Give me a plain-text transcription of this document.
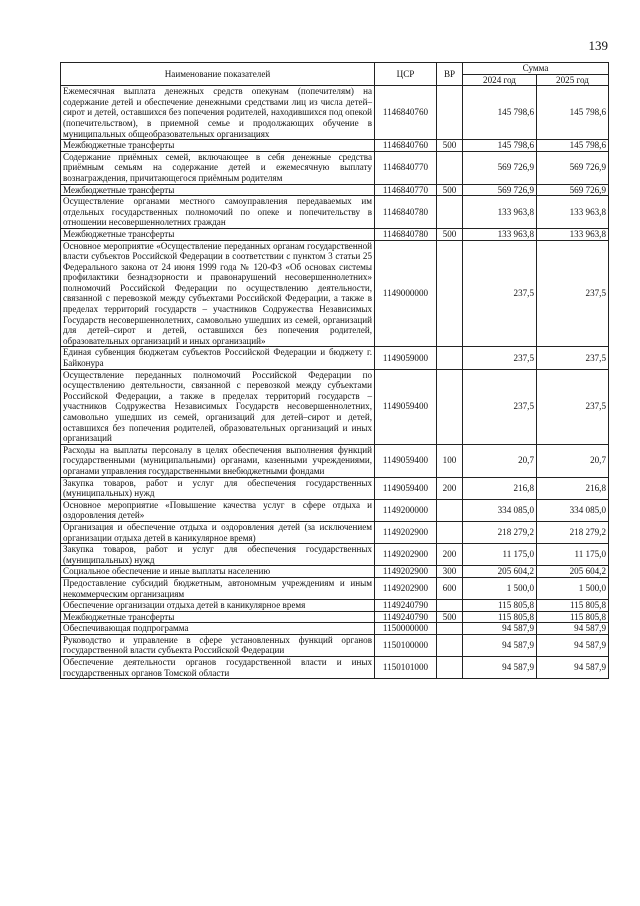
139
Наименование показателей	ЦСР	ВР	Сумма	
			2024 год	2025 год
Ежемесячная выплата денежных средств опекунам (попечителям) на содержание детей и обеспечение денежными средствами лиц из числа детей–сирот и детей, оставшихся без попечения родителей, находившихся под опекой (попечительством), в приемной семье и продолжающих обучение в муниципальных общеобразовательных организациях	1146840760		145 798,6	145 798,6
Межбюджетные трансферты	1146840760	500	145 798,6	145 798,6
Содержание приёмных семей, включающее в себя денежные средства приёмным семьям на содержание детей и ежемесячную выплату вознаграждения, причитающегося приёмным родителям	1146840770		569 726,9	569 726,9
Межбюджетные трансферты	1146840770	500	569 726,9	569 726,9
Осуществление органами местного самоуправления передаваемых им отдельных государственных полномочий по опеке и попечительству в отношении несовершеннолетних граждан	1146840780		133 963,8	133 963,8
Межбюджетные трансферты	1146840780	500	133 963,8	133 963,8
Основное мероприятие «Осуществление переданных органам государственной власти субъектов Российской Федерации в соответствии с пунктом 3 статьи 25 Федерального закона от 24 июня 1999 года № 120-ФЗ «Об основах системы профилактики безнадзорности и правонарушений несовершеннолетних» полномочий Российской Федерации по осуществлению деятельности, связанной с перевозкой между субъектами Российской Федерации, а также в пределах территорий государств – участников Содружества Независимых Государств несовершеннолетних, самовольно ушедших из семей, организаций для детей–сирот и детей, оставшихся без попечения родителей, образовательных организаций и иных организаций»	1149000000		237,5	237,5
Единая субвенция бюджетам субъектов Российской Федерации и бюджету г. Байконура	1149059000		237,5	237,5
Осуществление переданных полномочий Российской Федерации по осуществлению деятельности, связанной с перевозкой между субъектами Российской Федерации, а также в пределах территорий государств – участников Содружества Независимых Государств несовершеннолетних, самовольно ушедших из семей, организаций для детей–сирот и детей, оставшихся без попечения родителей, образовательных организаций и иных организаций	1149059400		237,5	237,5
Расходы на выплаты персоналу в целях обеспечения выполнения функций государственными (муниципальными) органами, казенными учреждениями, органами управления государственными внебюджетными фондами	1149059400	100	20,7	20,7
Закупка товаров, работ и услуг для обеспечения государственных (муниципальных) нужд	1149059400	200	216,8	216,8
Основное мероприятие «Повышение качества услуг в сфере отдыха и оздоровления детей»	1149200000		334 085,0	334 085,0
Организация и обеспечение отдыха и оздоровления детей (за исключением организации отдыха детей в каникулярное время)	1149202900		218 279,2	218 279,2
Закупка товаров, работ и услуг для обеспечения государственных (муниципальных) нужд	1149202900	200	11 175,0	11 175,0
Социальное обеспечение и иные выплаты населению	1149202900	300	205 604,2	205 604,2
Предоставление субсидий бюджетным, автономным учреждениям и иным некоммерческим организациям	1149202900	600	1 500,0	1 500,0
Обеспечение организации отдыха детей в каникулярное время	1149240790		115 805,8	115 805,8
Межбюджетные трансферты	1149240790	500	115 805,8	115 805,8
Обеспечивающая подпрограмма	1150000000		94 587,9	94 587,9
Руководство и управление в сфере установленных функций органов государственной власти субъекта Российской Федерации	1150100000		94 587,9	94 587,9
Обеспечение деятельности органов государственной власти и иных государственных органов Томской области	1150101000		94 587,9	94 587,9
